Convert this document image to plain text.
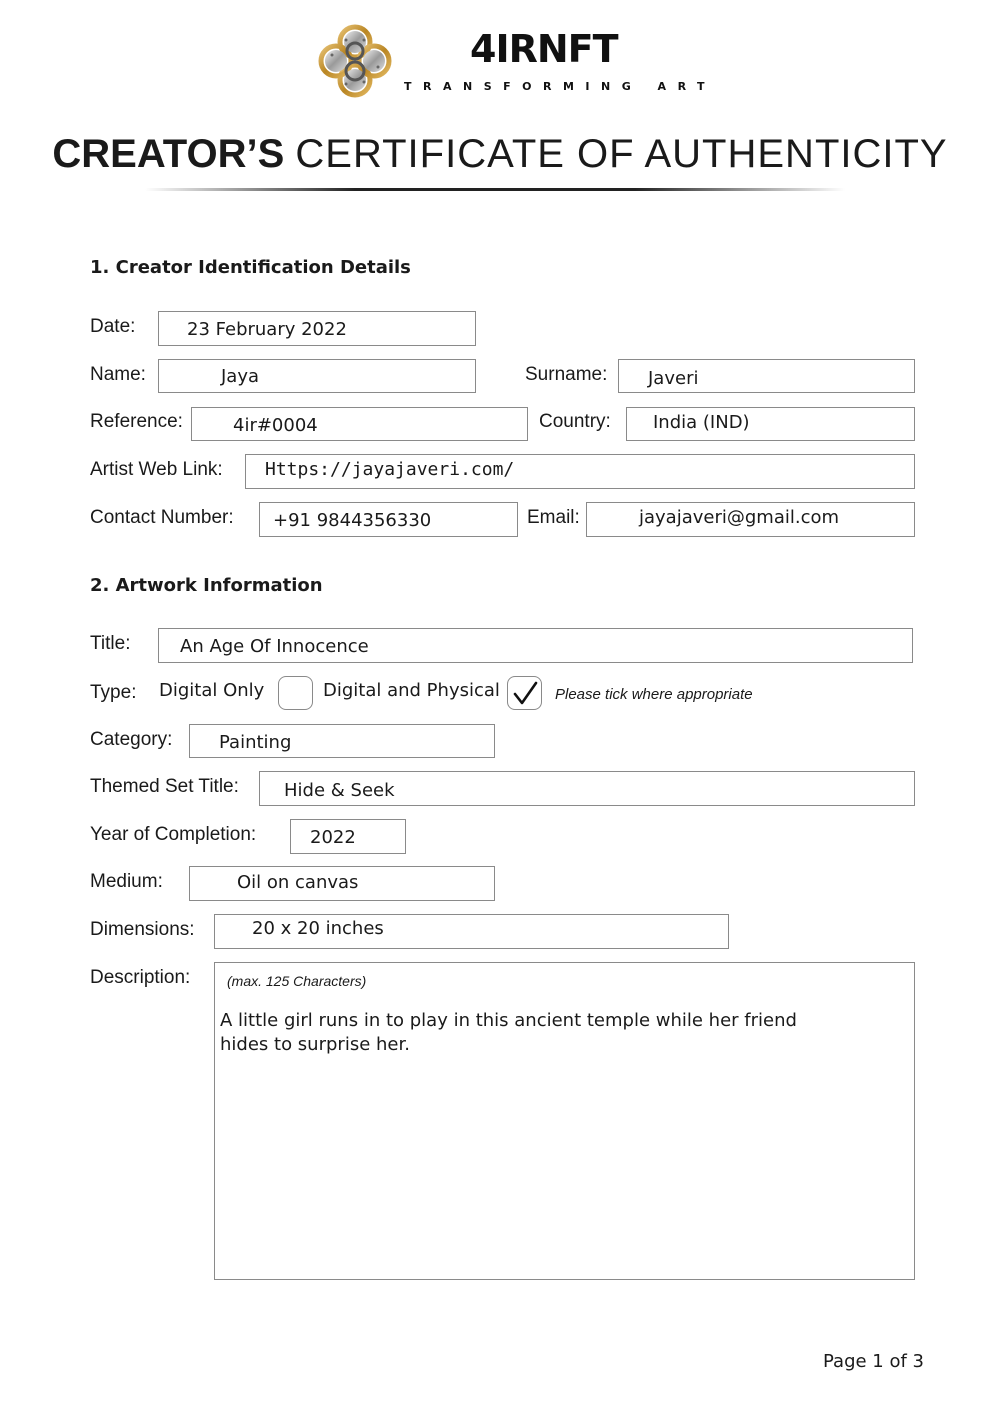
4IRNFT
TRANSFORMING ART
CREATOR’S CERTIFICATE OF AUTHENTICITY
1. Creator Identification Details
Date:	23 February 2022
Name:	Jaya	Surname: Javeri
Reference:	4ir#0004	Country: India (IND)
Artist Web Link: Https://jayajaveri.com/
Contact Number: +91 9844356330	Email:	jayajaveri@gmail.com
2. Artwork Information
Title:	An Age Of Innocence
Type: Digital Only	Digital and Physical	Please tick where appropriate
Category:	Painting
Themed Set Title:	Hide & Seek
Year of Completion:	2022
Medium:	Oil on canvas
Dimensions:	20 x 20 inches
Description:	(max. 125 Characters)
A little girl runs in to play in this ancient temple while her friend hides to surprise her.
Page 1 of 3
